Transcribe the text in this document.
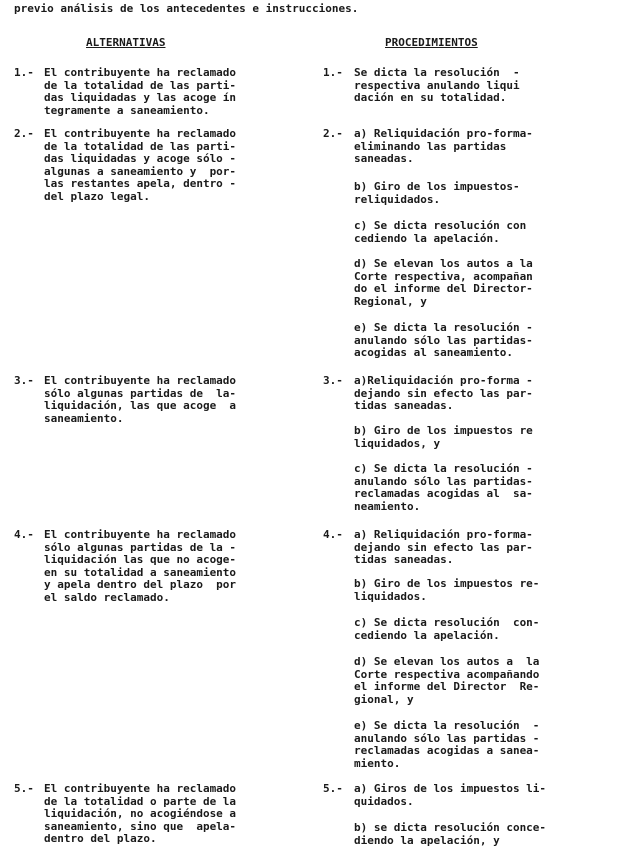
previo análisis de los antecedentes e instrucciones.
ALTERNATIVAS	PROCEDIMIENTOS
1.- El contribuyente ha reclamado
de la totalidad de las parti-
das liquidadas y las acoge ín
tegramente a saneamiento.
1.- Se dicta la resolución  -
respectiva anulando liqui
dación en su totalidad.
2.- El contribuyente ha reclamado
de la totalidad de las parti-
das liquidadas y acoge sólo -
algunas a saneamiento y  por-
las restantes apela, dentro -
del plazo legal.
2.- a) Reliquidación pro-forma-
eliminando las partidas
saneadas.
b) Giro de los impuestos-
reliquidados.
c) Se dicta resolución con
cediendo la apelación.
d) Se elevan los autos a la
Corte respectiva, acompañan
do el informe del Director-
Regional, y
e) Se dicta la resolución -
anulando sólo las partidas-
acogidas al saneamiento.
3.- El contribuyente ha reclamado
sólo algunas partidas de  la-
liquidación, las que acoge  a
saneamiento.
3.- a)Reliquidación pro-forma -
dejando sin efecto las par-
tidas saneadas.
b) Giro de los impuestos re
liquidados, y
c) Se dicta la resolución -
anulando sólo las partidas-
reclamadas acogidas al  sa-
neamiento.
4.- El contribuyente ha reclamado
sólo algunas partidas de la -
liquidación las que no acoge-
en su totalidad a saneamiento
y apela dentro del plazo  por
el saldo reclamado.
4.- a) Reliquidación pro-forma-
dejando sin efecto las par-
tidas saneadas.
b) Giro de los impuestos re-
liquidados.
c) Se dicta resolución  con-
cediendo la apelación.
d) Se elevan los autos a  la
Corte respectiva acompañando
el informe del Director  Re-
gional, y
e) Se dicta la resolución  -
anulando sólo las partidas -
reclamadas acogidas a sanea-
miento.
5.- El contribuyente ha reclamado
de la totalidad o parte de la
liquidación, no acogiéndose a
saneamiento, sino que  apela-
dentro del plazo.
5.- a) Giros de los impuestos li-
quidados.
b) se dicta resolución conce-
diendo la apelación, y
